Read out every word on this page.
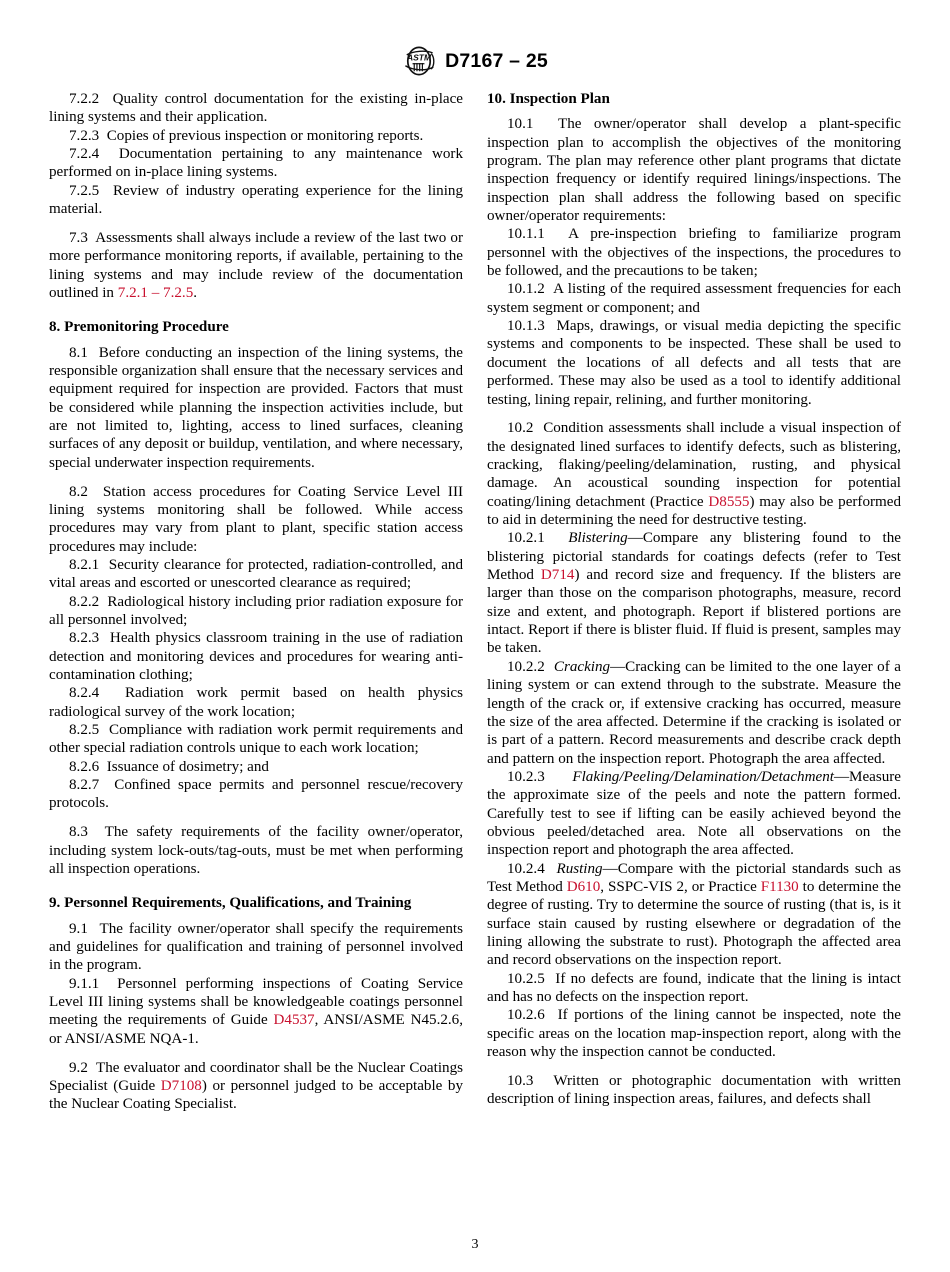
ASTM D7167 – 25

7.2.2 Quality control documentation for the existing in-place lining systems and their application.

7.2.3 Copies of previous inspection or monitoring reports.

7.2.4 Documentation pertaining to any maintenance work performed on in-place lining systems.

7.2.5 Review of industry operating experience for the lining material.

7.3 Assessments shall always include a review of the last two or more performance monitoring reports, if available, pertaining to the lining systems and may include review of the documentation outlined in 7.2.1 – 7.2.5.

8. Premonitoring Procedure

8.1 Before conducting an inspection of the lining systems, the responsible organization shall ensure that the necessary services and equipment required for inspection are provided. Factors that must be considered while planning the inspection activities include, but are not limited to, lighting, access to lined surfaces, cleaning surfaces of any deposit or buildup, ventilation, and where necessary, special underwater inspection requirements.

8.2 Station access procedures for Coating Service Level III lining systems monitoring shall be followed. While access procedures may vary from plant to plant, specific station access procedures may include:

8.2.1 Security clearance for protected, radiation-controlled, and vital areas and escorted or unescorted clearance as required;

8.2.2 Radiological history including prior radiation exposure for all personnel involved;

8.2.3 Health physics classroom training in the use of radiation detection and monitoring devices and procedures for wearing anti-contamination clothing;

8.2.4 Radiation work permit based on health physics radiological survey of the work location;

8.2.5 Compliance with radiation work permit requirements and other special radiation controls unique to each work location;

8.2.6 Issuance of dosimetry; and

8.2.7 Confined space permits and personnel rescue/recovery protocols.

8.3 The safety requirements of the facility owner/operator, including system lock-outs/tag-outs, must be met when performing all inspection operations.

9. Personnel Requirements, Qualifications, and Training

9.1 The facility owner/operator shall specify the requirements and guidelines for qualification and training of personnel involved in the program.

9.1.1 Personnel performing inspections of Coating Service Level III lining systems shall be knowledgeable coatings personnel meeting the requirements of Guide D4537, ANSI/ASME N45.2.6, or ANSI/ASME NQA-1.

9.2 The evaluator and coordinator shall be the Nuclear Coatings Specialist (Guide D7108) or personnel judged to be acceptable by the Nuclear Coating Specialist.

10. Inspection Plan

10.1 The owner/operator shall develop a plant-specific inspection plan to accomplish the objectives of the monitoring program. The plan may reference other plant programs that dictate inspection frequency or identify required linings/inspections. The inspection plan shall address the following based on specific owner/operator requirements:

10.1.1 A pre-inspection briefing to familiarize program personnel with the objectives of the inspections, the procedures to be followed, and the precautions to be taken;

10.1.2 A listing of the required assessment frequencies for each system segment or component; and

10.1.3 Maps, drawings, or visual media depicting the specific systems and components to be inspected. These shall be used to document the locations of all defects and all tests that are performed. These may also be used as a tool to identify additional testing, lining repair, relining, and further monitoring.

10.2 Condition assessments shall include a visual inspection of the designated lined surfaces to identify defects, such as blistering, cracking, flaking/peeling/delamination, rusting, and physical damage. An acoustical sounding inspection for potential coating/lining detachment (Practice D8555) may also be performed to aid in determining the need for destructive testing.

10.2.1 Blistering—Compare any blistering found to the blistering pictorial standards for coatings defects (refer to Test Method D714) and record size and frequency. If the blisters are larger than those on the comparison photographs, measure, record size and extent, and photograph. Report if blistered portions are intact. Report if there is blister fluid. If fluid is present, samples may be taken.

10.2.2 Cracking—Cracking can be limited to the one layer of a lining system or can extend through to the substrate. Measure the length of the crack or, if extensive cracking has occurred, measure the size of the area affected. Determine if the cracking is isolated or is part of a pattern. Record measurements and describe crack depth and pattern on the inspection report. Photograph the area affected.

10.2.3 Flaking/Peeling/Delamination/Detachment—Measure the approximate size of the peels and note the pattern formed. Carefully test to see if lifting can be easily achieved beyond the obvious peeled/detached area. Note all observations on the inspection report and photograph the area affected.

10.2.4 Rusting—Compare with the pictorial standards such as Test Method D610, SSPC-VIS 2, or Practice F1130 to determine the degree of rusting. Try to determine the source of rusting (that is, is it surface stain caused by rusting elsewhere or degradation of the lining allowing the substrate to rust). Photograph the affected area and record observations on the inspection report.

10.2.5 If no defects are found, indicate that the lining is intact and has no defects on the inspection report.

10.2.6 If portions of the lining cannot be inspected, note the specific areas on the location map-inspection report, along with the reason why the inspection cannot be conducted.

10.3 Written or photographic documentation with written description of lining inspection areas, failures, and defects shall

3
